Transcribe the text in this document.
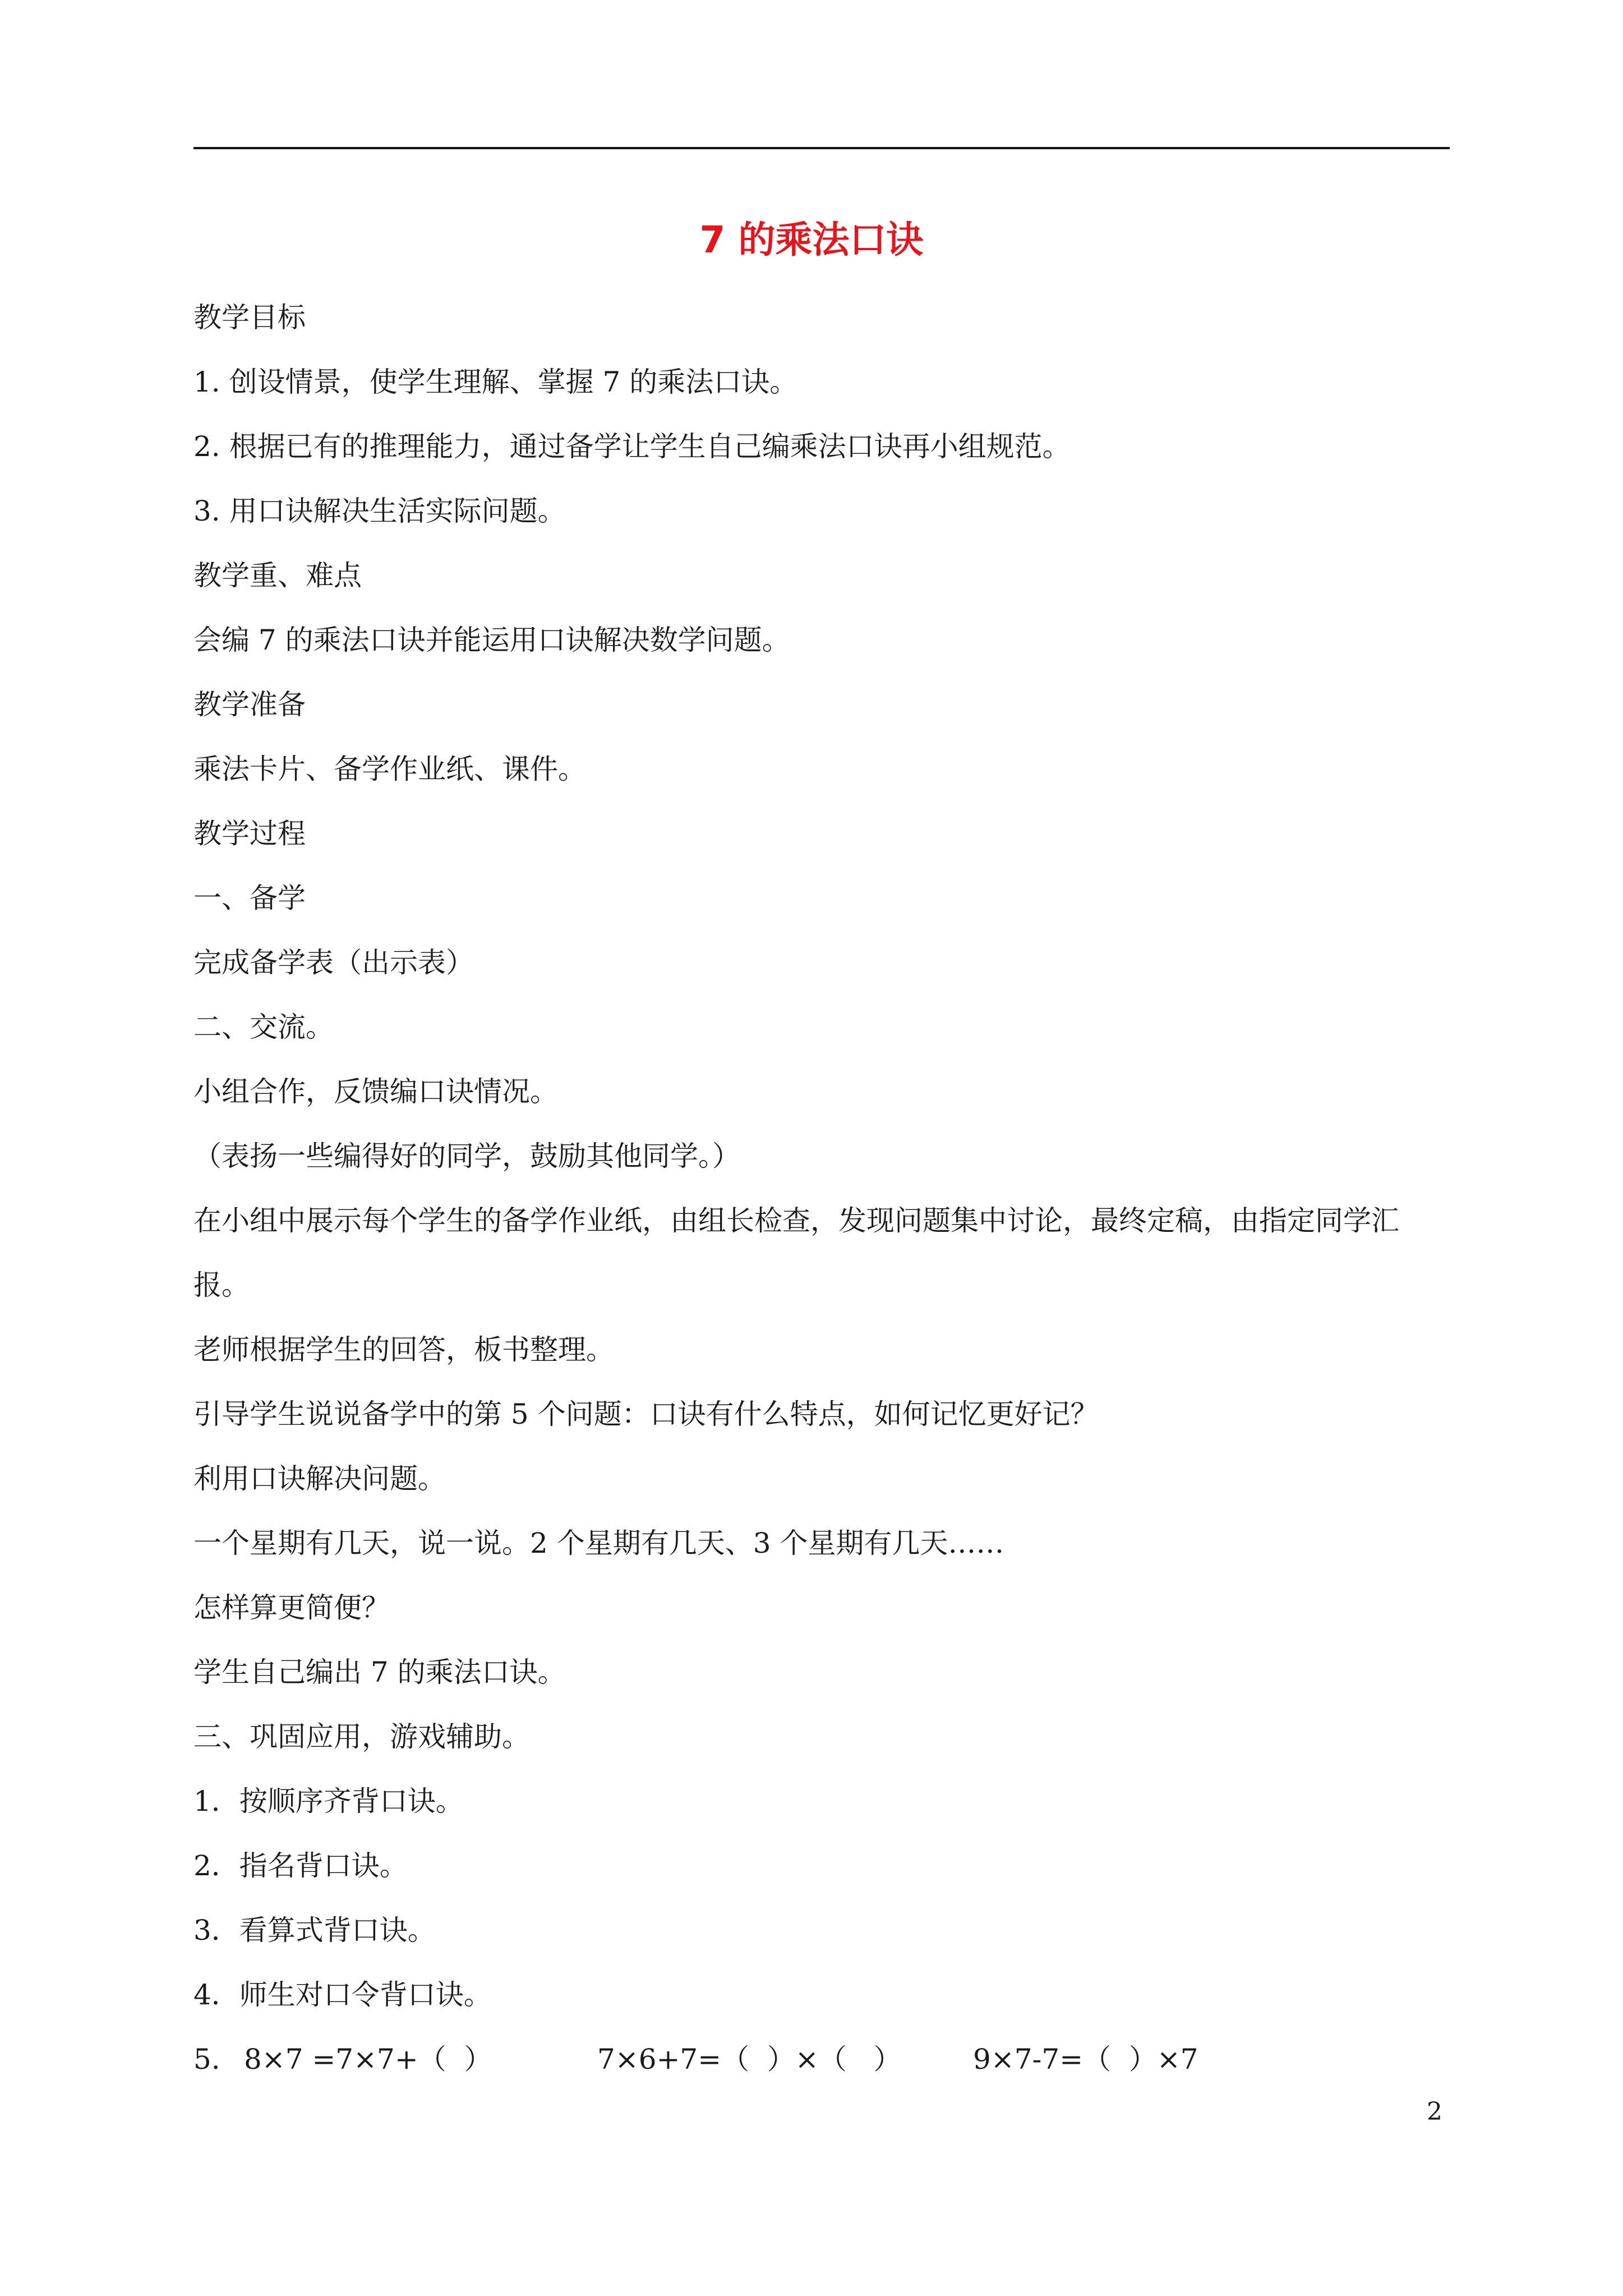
7 的乘法口诀
教学目标
1. 创设情景，使学生理解、掌握 7 的乘法口诀。
2. 根据已有的推理能力，通过备学让学生自己编乘法口诀再小组规范。
3. 用口诀解决生活实际问题。
教学重、难点
会编 7 的乘法口诀并能运用口诀解决数学问题。
教学准备
乘法卡片、备学作业纸、课件。
教学过程
一、备学
完成备学表（出示表）
二、交流。
小组合作，反馈编口诀情况。
（表扬一些编得好的同学，鼓励其他同学。）
在小组中展示每个学生的备学作业纸，由组长检查，发现问题集中讨论，最终定稿，由指定同学汇报。
老师根据学生的回答，板书整理。
引导学生说说备学中的第 5 个问题：口诀有什么特点，如何记忆更好记？
利用口诀解决问题。
一个星期有几天，说一说。2 个星期有几天、3 个星期有几天……
怎样算更简便？
学生自己编出 7 的乘法口诀。
三、巩固应用，游戏辅助。
1．按顺序齐背口诀。
2．指名背口诀。
3．看算式背口诀。
4．师生对口令背口诀。
5. 8×7 =7×7+（  ）	7×6+7=（  ）×（   ）	9×7-7=（  ）×7
2
